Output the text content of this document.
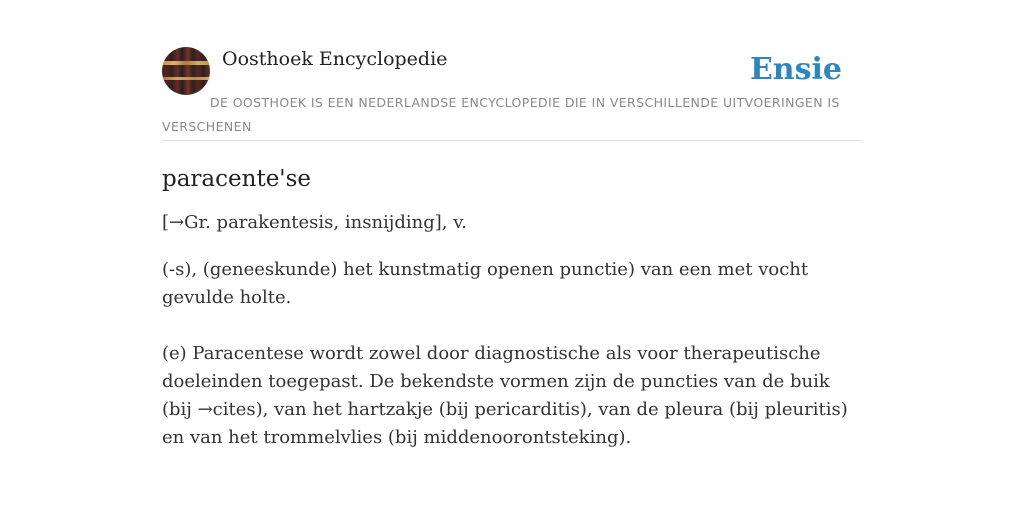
Oosthoek Encyclopedie	Ensie

DE OOSTHOEK IS EEN NEDERLANDSE ENCYCLOPEDIE DIE IN VERSCHILLENDE UITVOERINGEN IS VERSCHENEN

paracente'se

[→Gr. parakentesis, insnijding], v.

(-s), (geneeskunde) het kunstmatig openen punctie) van een met vocht gevulde holte.

(e) Paracentese wordt zowel door diagnostische als voor therapeutische doeleinden toegepast. De bekendste vormen zijn de puncties van de buik (bij →cites), van het hartzakje (bij pericarditis), van de pleura (bij pleuritis) en van het trommelvlies (bij middenoorontsteking).
